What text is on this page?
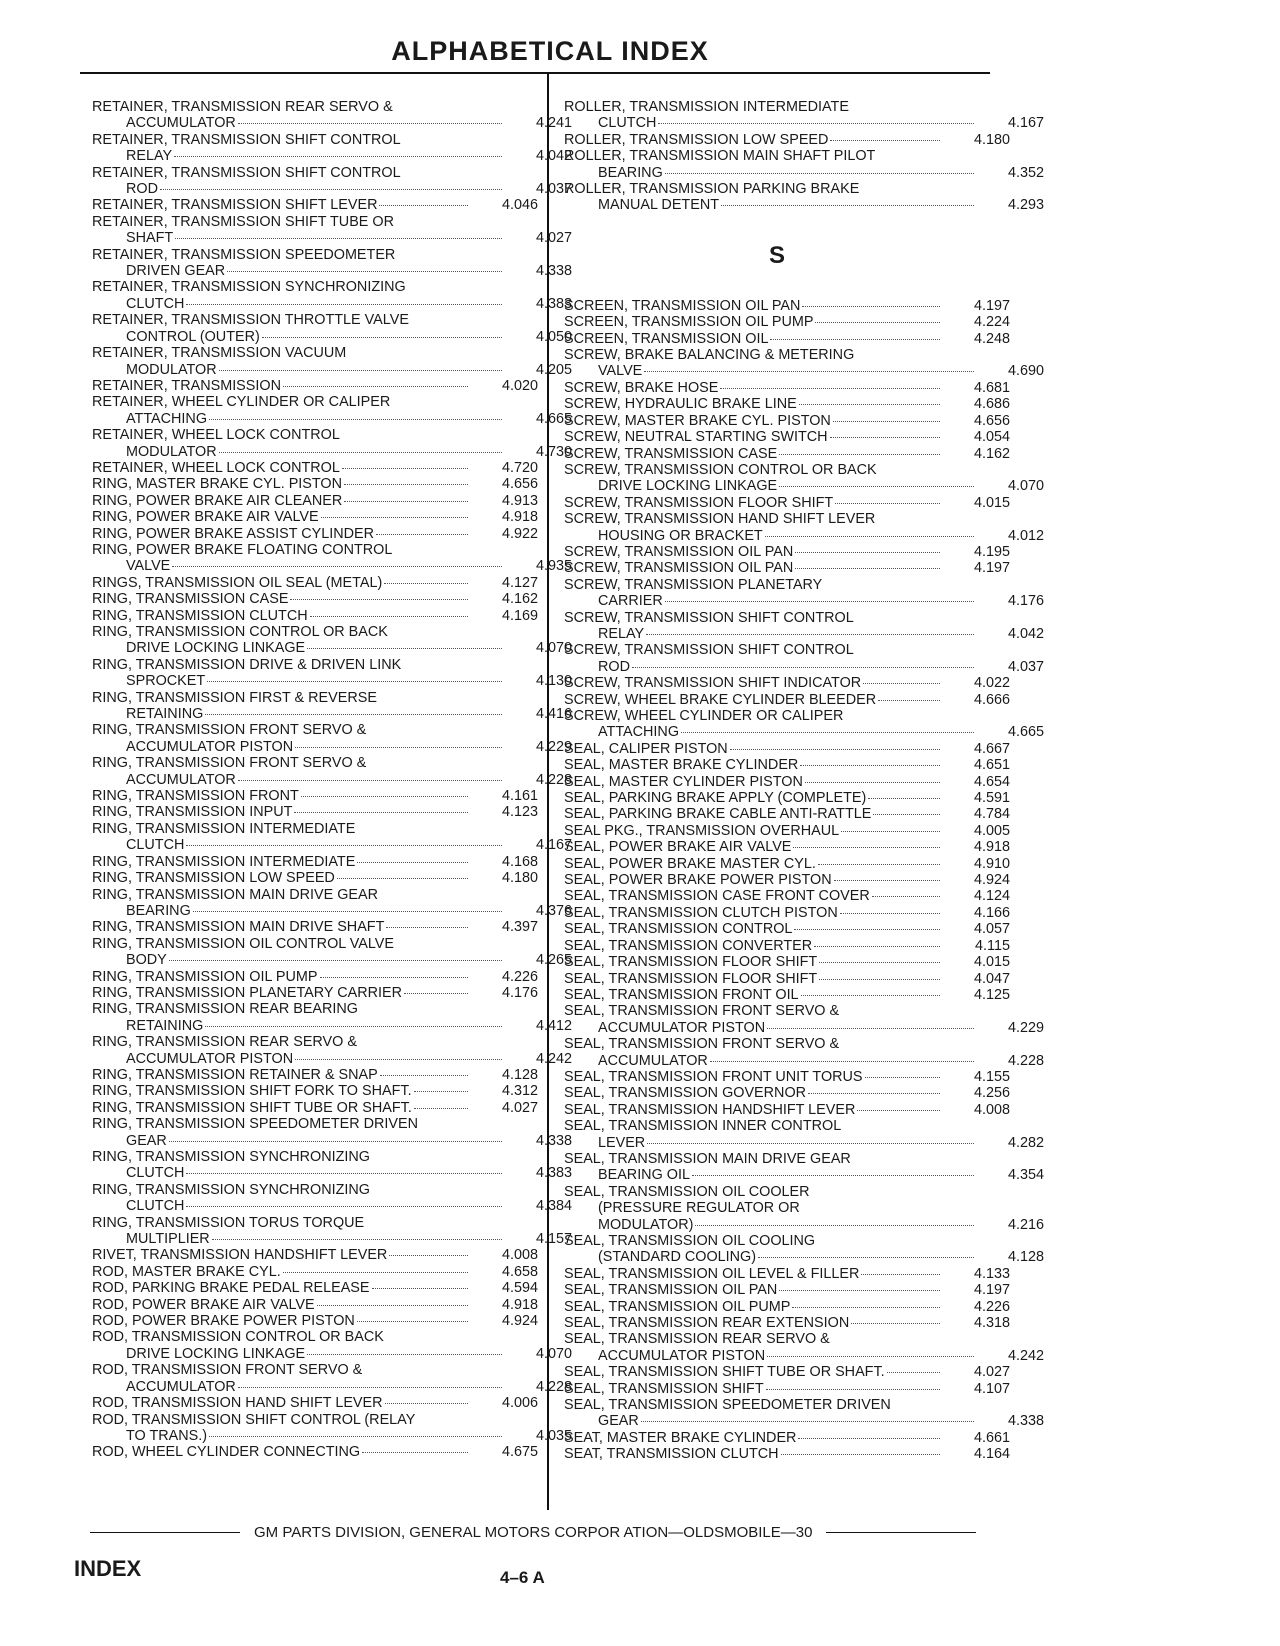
ALPHABETICAL INDEX
RETAINER, TRANSMISSION REAR SERVO &
ACCUMULATOR	4.241
RETAINER, TRANSMISSION SHIFT CONTROL
RELAY	4.042
RETAINER, TRANSMISSION SHIFT CONTROL
ROD	4.037
RETAINER, TRANSMISSION SHIFT LEVER	4.046
RETAINER, TRANSMISSION SHIFT TUBE OR
SHAFT	4.027
RETAINER, TRANSMISSION SPEEDOMETER
DRIVEN GEAR	4.338
RETAINER, TRANSMISSION SYNCHRONIZING
CLUTCH	4.383
RETAINER, TRANSMISSION THROTTLE VALVE
CONTROL (OUTER)	4.050
RETAINER, TRANSMISSION VACUUM
MODULATOR	4.205
RETAINER, TRANSMISSION	4.020
RETAINER, WHEEL CYLINDER OR CALIPER
ATTACHING	4.665
RETAINER, WHEEL LOCK CONTROL
MODULATOR	4.730
RETAINER, WHEEL LOCK CONTROL	4.720
RING, MASTER BRAKE CYL. PISTON	4.656
RING, POWER BRAKE AIR CLEANER	4.913
RING, POWER BRAKE AIR VALVE	4.918
RING, POWER BRAKE ASSIST CYLINDER	4.922
RING, POWER BRAKE FLOATING CONTROL
VALVE	4.935
RINGS, TRANSMISSION OIL SEAL (METAL)	4.127
RING, TRANSMISSION CASE	4.162
RING, TRANSMISSION CLUTCH	4.169
RING, TRANSMISSION CONTROL OR BACK
DRIVE LOCKING LINKAGE	4.070
RING, TRANSMISSION DRIVE & DRIVEN LINK
SPROCKET	4.130
RING, TRANSMISSION FIRST & REVERSE
RETAINING	4.416
RING, TRANSMISSION FRONT SERVO &
ACCUMULATOR PISTON	4.229
RING, TRANSMISSION FRONT SERVO &
ACCUMULATOR	4.228
RING, TRANSMISSION FRONT	4.161
RING, TRANSMISSION INPUT	4.123
RING, TRANSMISSION INTERMEDIATE
CLUTCH	4.167
RING, TRANSMISSION INTERMEDIATE	4.168
RING, TRANSMISSION LOW SPEED	4.180
RING, TRANSMISSION MAIN DRIVE GEAR
BEARING	4.376
RING, TRANSMISSION MAIN DRIVE SHAFT	4.397
RING, TRANSMISSION OIL CONTROL VALVE
BODY	4.265
RING, TRANSMISSION OIL PUMP	4.226
RING, TRANSMISSION PLANETARY CARRIER	4.176
RING, TRANSMISSION REAR BEARING
RETAINING	4.412
RING, TRANSMISSION REAR SERVO &
ACCUMULATOR PISTON	4.242
RING, TRANSMISSION RETAINER & SNAP	4.128
RING, TRANSMISSION SHIFT FORK TO SHAFT.	4.312
RING, TRANSMISSION SHIFT TUBE OR SHAFT.	4.027
RING, TRANSMISSION SPEEDOMETER DRIVEN
GEAR	4.338
RING, TRANSMISSION SYNCHRONIZING
CLUTCH	4.383
RING, TRANSMISSION SYNCHRONIZING
CLUTCH	4.384
RING, TRANSMISSION TORUS TORQUE
MULTIPLIER	4.157
RIVET, TRANSMISSION HANDSHIFT LEVER	4.008
ROD, MASTER BRAKE CYL.	4.658
ROD, PARKING BRAKE PEDAL RELEASE	4.594
ROD, POWER BRAKE AIR VALVE	4.918
ROD, POWER BRAKE POWER PISTON	4.924
ROD, TRANSMISSION CONTROL OR BACK
DRIVE LOCKING LINKAGE	4.070
ROD, TRANSMISSION FRONT SERVO &
ACCUMULATOR	4.228
ROD, TRANSMISSION HAND SHIFT LEVER	4.006
ROD, TRANSMISSION SHIFT CONTROL (RELAY
TO TRANS.)	4.035
ROD, WHEEL CYLINDER CONNECTING	4.675
ROLLER, TRANSMISSION INTERMEDIATE
CLUTCH	4.167
ROLLER, TRANSMISSION LOW SPEED	4.180
ROLLER, TRANSMISSION MAIN SHAFT PILOT
BEARING	4.352
ROLLER, TRANSMISSION PARKING BRAKE
MANUAL DETENT	4.293
S
SCREEN, TRANSMISSION OIL PAN	4.197
SCREEN, TRANSMISSION OIL PUMP	4.224
SCREEN, TRANSMISSION OIL	4.248
SCREW, BRAKE BALANCING & METERING
VALVE	4.690
SCREW, BRAKE HOSE	4.681
SCREW, HYDRAULIC BRAKE LINE	4.686
SCREW, MASTER BRAKE CYL. PISTON	4.656
SCREW, NEUTRAL STARTING SWITCH	4.054
SCREW, TRANSMISSION CASE	4.162
SCREW, TRANSMISSION CONTROL OR BACK
DRIVE LOCKING LINKAGE	4.070
SCREW, TRANSMISSION FLOOR SHIFT	4.015
SCREW, TRANSMISSION HAND SHIFT LEVER
HOUSING OR BRACKET	4.012
SCREW, TRANSMISSION OIL PAN	4.195
SCREW, TRANSMISSION OIL PAN	4.197
SCREW, TRANSMISSION PLANETARY
CARRIER	4.176
SCREW, TRANSMISSION SHIFT CONTROL
RELAY	4.042
SCREW, TRANSMISSION SHIFT CONTROL
ROD	4.037
SCREW, TRANSMISSION SHIFT INDICATOR	4.022
SCREW, WHEEL BRAKE CYLINDER BLEEDER	4.666
SCREW, WHEEL CYLINDER OR CALIPER
ATTACHING	4.665
SEAL, CALIPER PISTON	4.667
SEAL, MASTER BRAKE CYLINDER	4.651
SEAL, MASTER CYLINDER PISTON	4.654
SEAL, PARKING BRAKE APPLY (COMPLETE)	4.591
SEAL, PARKING BRAKE CABLE ANTI-RATTLE	4.784
SEAL PKG., TRANSMISSION OVERHAUL	4.005
SEAL, POWER BRAKE AIR VALVE	4.918
SEAL, POWER BRAKE MASTER CYL.	4.910
SEAL, POWER BRAKE POWER PISTON	4.924
SEAL, TRANSMISSION CASE FRONT COVER	4.124
SEAL, TRANSMISSION CLUTCH PISTON	4.166
SEAL, TRANSMISSION CONTROL	4.057
SEAL, TRANSMISSION CONVERTER	4.115
SEAL, TRANSMISSION FLOOR SHIFT	4.015
SEAL, TRANSMISSION FLOOR SHIFT	4.047
SEAL, TRANSMISSION FRONT OIL	4.125
SEAL, TRANSMISSION FRONT SERVO &
ACCUMULATOR PISTON	4.229
SEAL, TRANSMISSION FRONT SERVO &
ACCUMULATOR	4.228
SEAL, TRANSMISSION FRONT UNIT TORUS	4.155
SEAL, TRANSMISSION GOVERNOR	4.256
SEAL, TRANSMISSION HANDSHIFT LEVER	4.008
SEAL, TRANSMISSION INNER CONTROL
LEVER	4.282
SEAL, TRANSMISSION MAIN DRIVE GEAR
BEARING OIL	4.354
SEAL, TRANSMISSION OIL COOLER
(PRESSURE REGULATOR OR
MODULATOR)	4.216
SEAL, TRANSMISSION OIL COOLING
(STANDARD COOLING)	4.128
SEAL, TRANSMISSION OIL LEVEL & FILLER	4.133
SEAL, TRANSMISSION OIL PAN	4.197
SEAL, TRANSMISSION OIL PUMP	4.226
SEAL, TRANSMISSION REAR EXTENSION	4.318
SEAL, TRANSMISSION REAR SERVO &
ACCUMULATOR PISTON	4.242
SEAL, TRANSMISSION SHIFT TUBE OR SHAFT.	4.027
SEAL, TRANSMISSION SHIFT	4.107
SEAL, TRANSMISSION SPEEDOMETER DRIVEN
GEAR	4.338
SEAT, MASTER BRAKE CYLINDER	4.661
SEAT, TRANSMISSION CLUTCH	4.164
GM PARTS DIVISION, GENERAL MOTORS CORPOR ATION—OLDSMOBILE—30
INDEX	4–6 A
